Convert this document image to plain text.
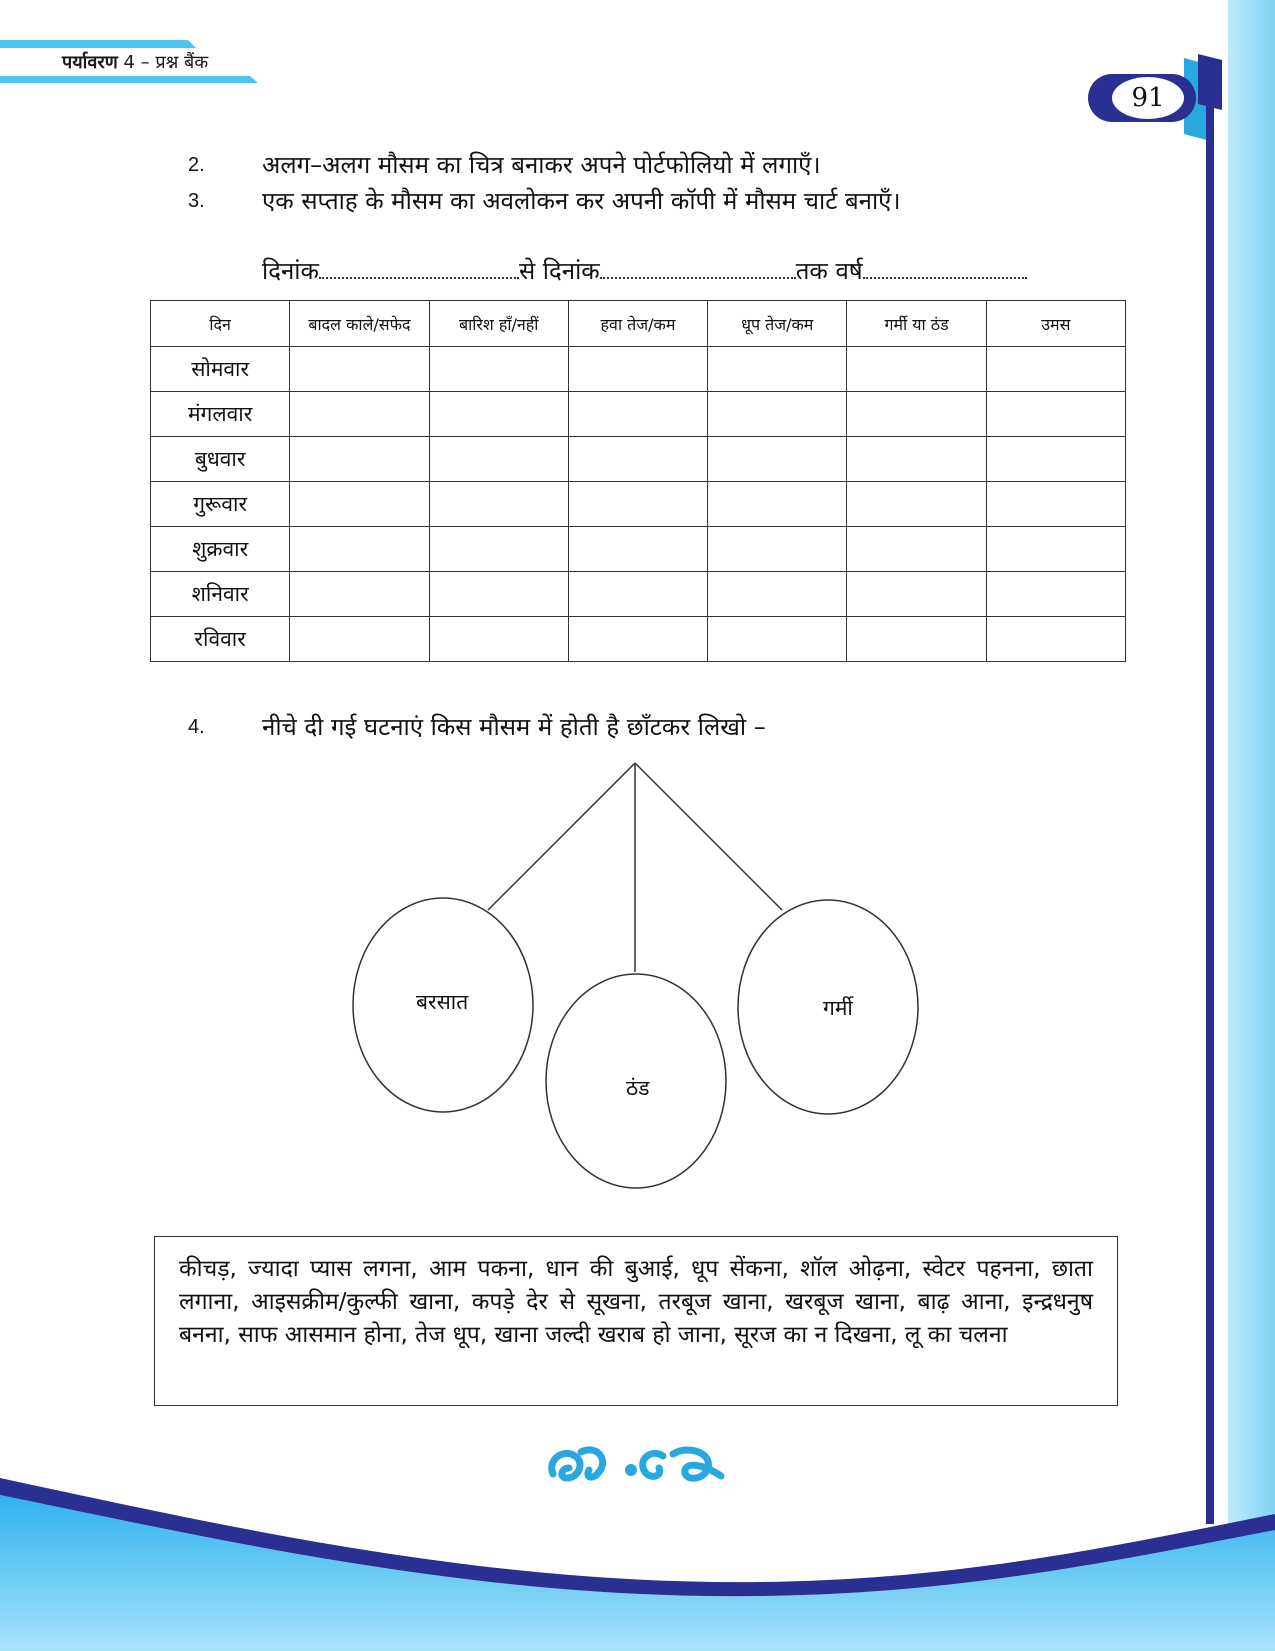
पर्यावरण 4 – प्रश्न बैंक
91
2. अलग–अलग मौसम का चित्र बनाकर अपने पोर्टफोलियो में लगाएँ।
3. एक सप्ताह के मौसम का अवलोकन कर अपनी कॉपी में मौसम चार्ट बनाएँ।
दिनांक	से दिनांक	तक वर्ष
दिन	बादल काले/सफेद	बारिश हाँ/नहीं	हवा तेज/कम	धूप तेज/कम	गर्मी या ठंड	उमस
सोमवार						
मंगलवार						
बुधवार						
गुरूवार						
शुक्रवार						
शनिवार						
रविवार						
4. नीचे दी गई घटनाएं किस मौसम में होती है छाँटकर लिखो –
बरसात
ठंड
गर्मी
कीचड़, ज्यादा प्यास लगना, आम पकना, धान की बुआई, धूप सेंकना, शॉल ओढ़ना, स्वेटर पहनना, छाता लगाना, आइसक्रीम/कुल्फी खाना, कपड़े देर से सूखना, तरबूज खाना, खरबूज खाना, बाढ़ आना, इन्द्रधनुष बनना, साफ आसमान होना, तेज धूप, खाना जल्दी खराब हो जाना, सूरज का न दिखना, लू का चलना
